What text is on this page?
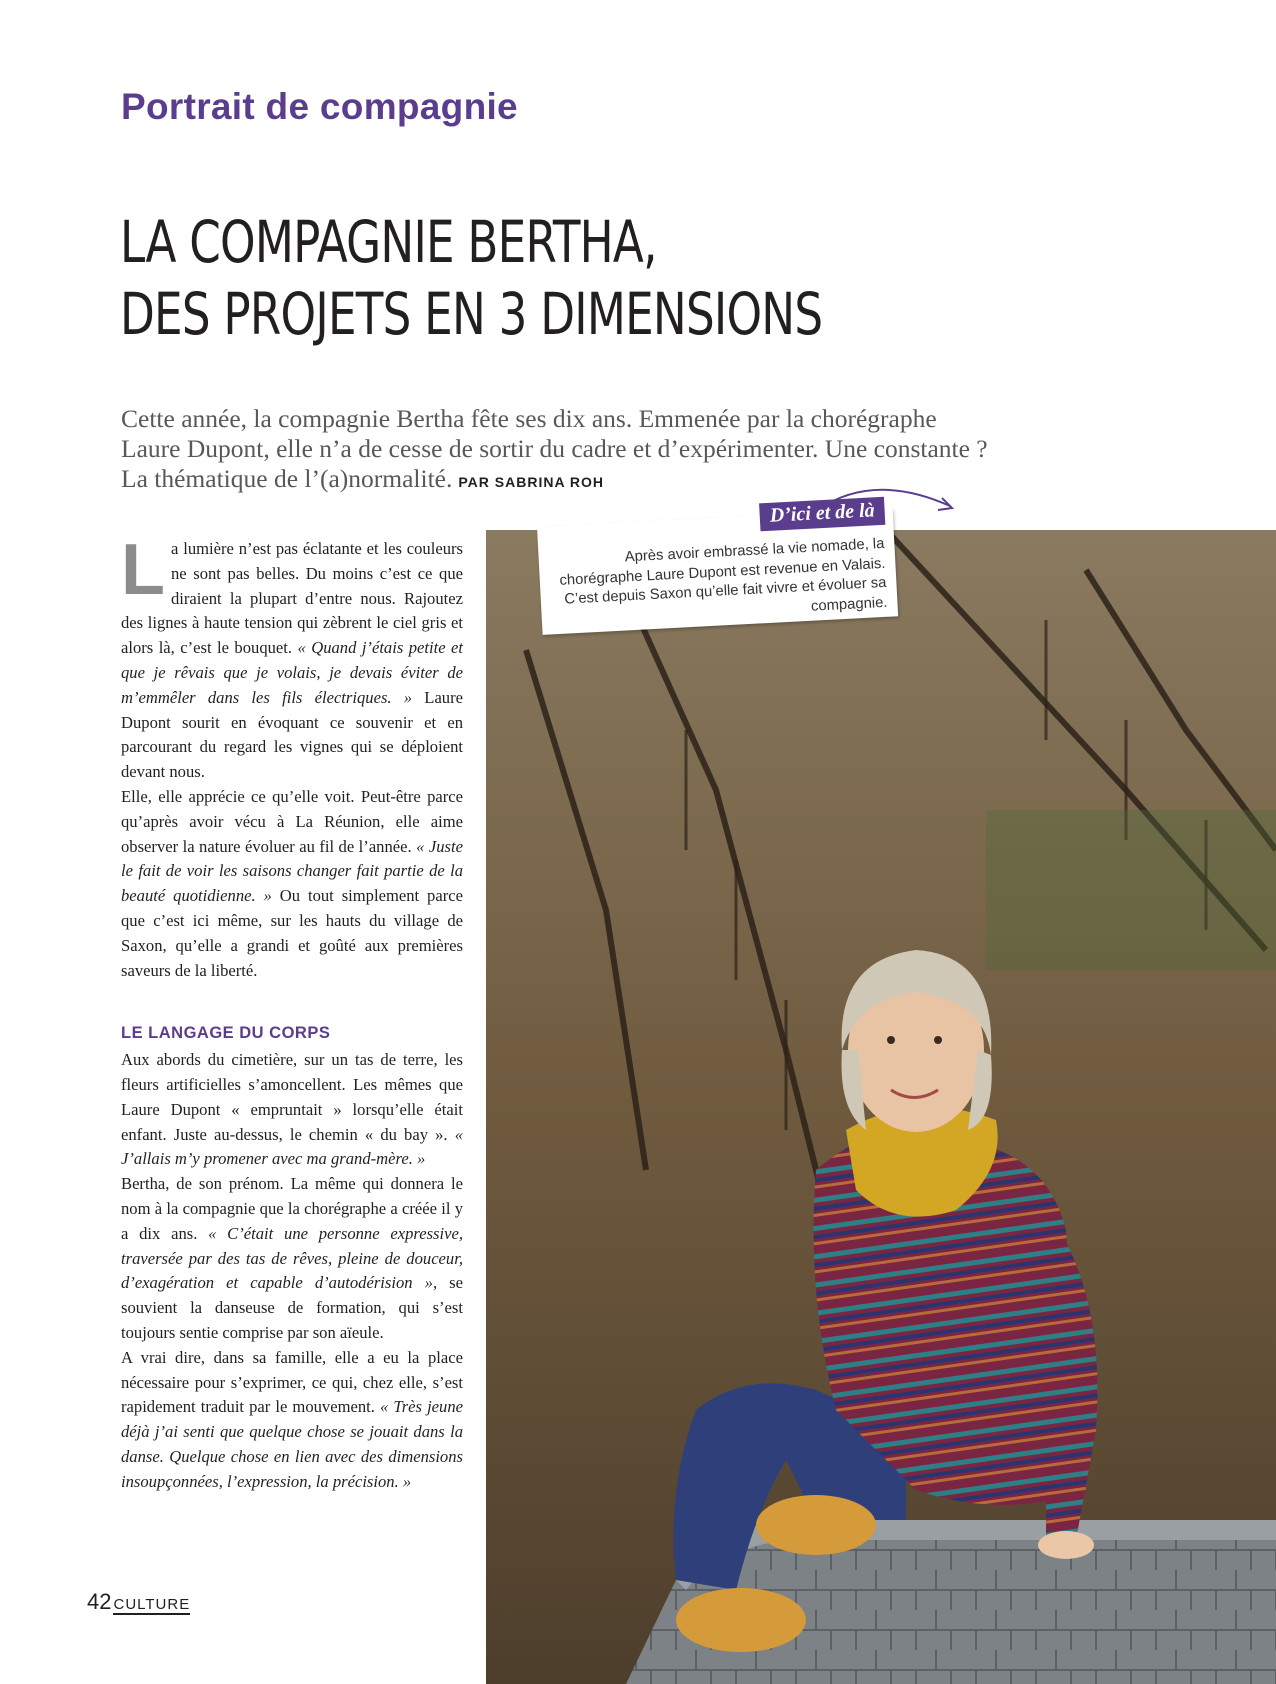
Portrait de compagnie
LA COMPAGNIE BERTHA,
DES PROJETS EN 3 DIMENSIONS
Cette année, la compagnie Bertha fête ses dix ans. Emmenée par la chorégraphe
Laure Dupont, elle n’a de cesse de sortir du cadre et d’expérimenter. Une constante ?
La thématique de l’(a)normalité. PAR SABRINA ROH

La lumière n’est pas éclatante et les couleurs ne sont pas belles. Du moins c’est ce que diraient la plupart d’entre nous. Rajoutez des lignes à haute tension qui zèbrent le ciel gris et alors là, c’est le bouquet. « Quand j’étais petite et que je rêvais que je volais, je devais éviter de m’emmêler dans les fils électriques. » Laure Dupont sourit en évoquant ce souvenir et en parcourant du regard les vignes qui se déploient devant nous.

Elle, elle apprécie ce qu’elle voit. Peut-être parce qu’après avoir vécu à La Réunion, elle aime observer la nature évoluer au fil de l’année. « Juste le fait de voir les saisons changer fait partie de la beauté quotidienne. » Ou tout simplement parce que c’est ici même, sur les hauts du village de Saxon, qu’elle a grandi et goûté aux premières saveurs de la liberté.

LE LANGAGE DU CORPS

Aux abords du cimetière, sur un tas de terre, les fleurs artificielles s’amoncellent. Les mêmes que Laure Dupont « empruntait » lorsqu’elle était enfant. Juste au-dessus, le chemin « du bay ». « J’allais m’y promener avec ma grand-mère. »

Bertha, de son prénom. La même qui donnera le nom à la compagnie que la chorégraphe a créée il y a dix ans. « C’était une personne expressive, traversée par des tas de rêves, pleine de douceur, d’exagération et capable d’autodérision », se souvient la danseuse de formation, qui s’est toujours sentie comprise par son aïeule.

A vrai dire, dans sa famille, elle a eu la place nécessaire pour s’exprimer, ce qui, chez elle, s’est rapidement traduit par le mouvement. « Très jeune déjà j’ai senti que quelque chose se jouait dans la danse. Quelque chose en lien avec des dimensions insoupçonnées, l’expression, la précision. »

D’ici et de là
Après avoir embrassé la vie nomade, la chorégraphe Laure Dupont est revenue en Valais. C’est depuis Saxon qu’elle fait vivre et évoluer sa compagnie.
42 CULTURE
